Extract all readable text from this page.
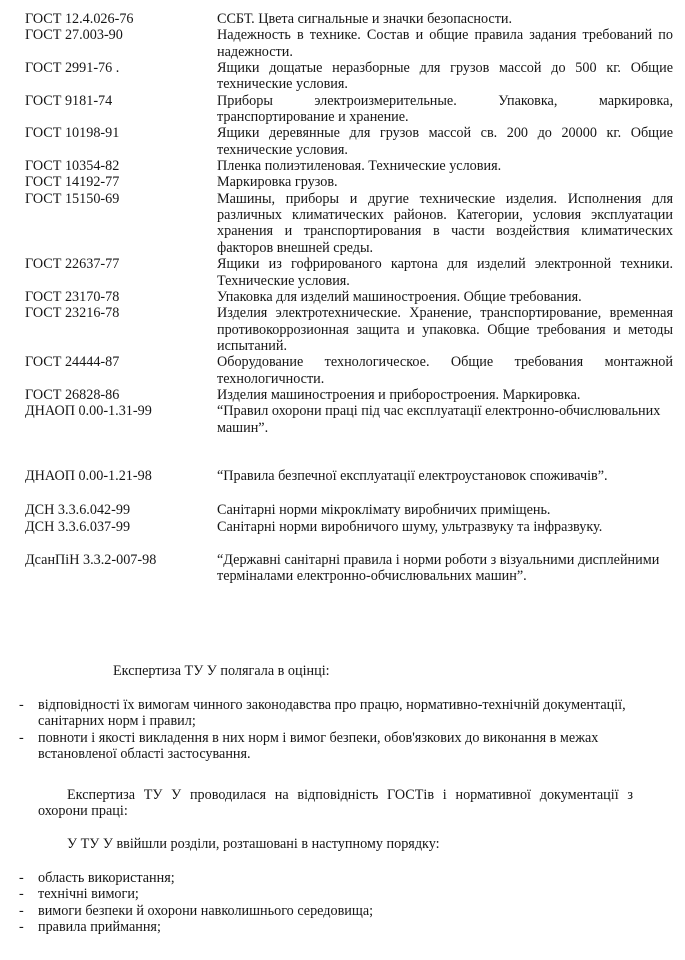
ГОСТ 12.4.026-76	ССБТ. Цвета сигнальные и значки безопасности.
ГОСТ 27.003-90	Надежность в технике. Состав и общие правила задания требований по надежности.
ГОСТ 2991-76 .	Ящики дощатые неразборные для грузов массой до 500 кг. Общие технические условия.
ГОСТ 9181-74	Приборы электроизмерительные. Упаковка, маркировка, транспортирование и хранение.
ГОСТ 10198-91	Ящики деревянные для грузов массой св. 200 до 20000 кг. Общие технические условия.
ГОСТ 10354-82	Пленка полиэтиленовая. Технические условия.
ГОСТ 14192-77	Маркировка грузов.
ГОСТ 15150-69	Машины, приборы и другие технические изделия. Исполнения для различных климатических районов. Категории, условия эксплуатации хранения и транспортирования в части воздействия климатических факторов внешней среды.
ГОСТ 22637-77	Ящики из гофрированого картона для изделий электронной техники. Технические условия.
ГОСТ 23170-78	Упаковка для изделий машиностроения. Общие требования.
ГОСТ 23216-78	Изделия электротехнические. Хранение, транспортирование, временная противокоррозионная защита и упаковка. Общие требования и методы испытаний.
ГОСТ 24444-87	Оборудование технологическое. Общие требования монтажной технологичности.
ГОСТ 26828-86	Изделия машиностроения и приборостроения. Маркировка.
ДНАОП 0.00-1.31-99	“Правил охорони праці під час експлуатації електронно-обчислювальних машин”.
ДНАОП 0.00-1.21-98	“Правила безпечної експлуатації електроустановок споживачів”.
ДСН 3.3.6.042-99	Санітарні норми мікроклімату виробничих приміщень.
ДСН 3.3.6.037-99	Санітарні норми виробничого шуму, ультразвуку та інфразвуку.
ДсанПіН 3.3.2-007-98	“Державні санітарні правила і норми роботи з візуальними дисплейними терміналами електронно-обчислювальних машин”.
Експертиза ТУ У полягала в оцінці:
- відповідності їх вимогам чинного законодавства про працю, нормативно-технічній документації, санітарних норм і правил;
- повноти і якості викладення в них норм і вимог безпеки, обов'язкових до виконання в межах встановленої області застосування.
Експертиза ТУ У проводилася на відповідність ГОСТів і нормативної документації з охорони праці:
У ТУ У ввійшли розділи, розташовані в наступному порядку:
- область використання;
- технічні вимоги;
- вимоги безпеки й охорони навколишнього середовища;
- правила приймання;
